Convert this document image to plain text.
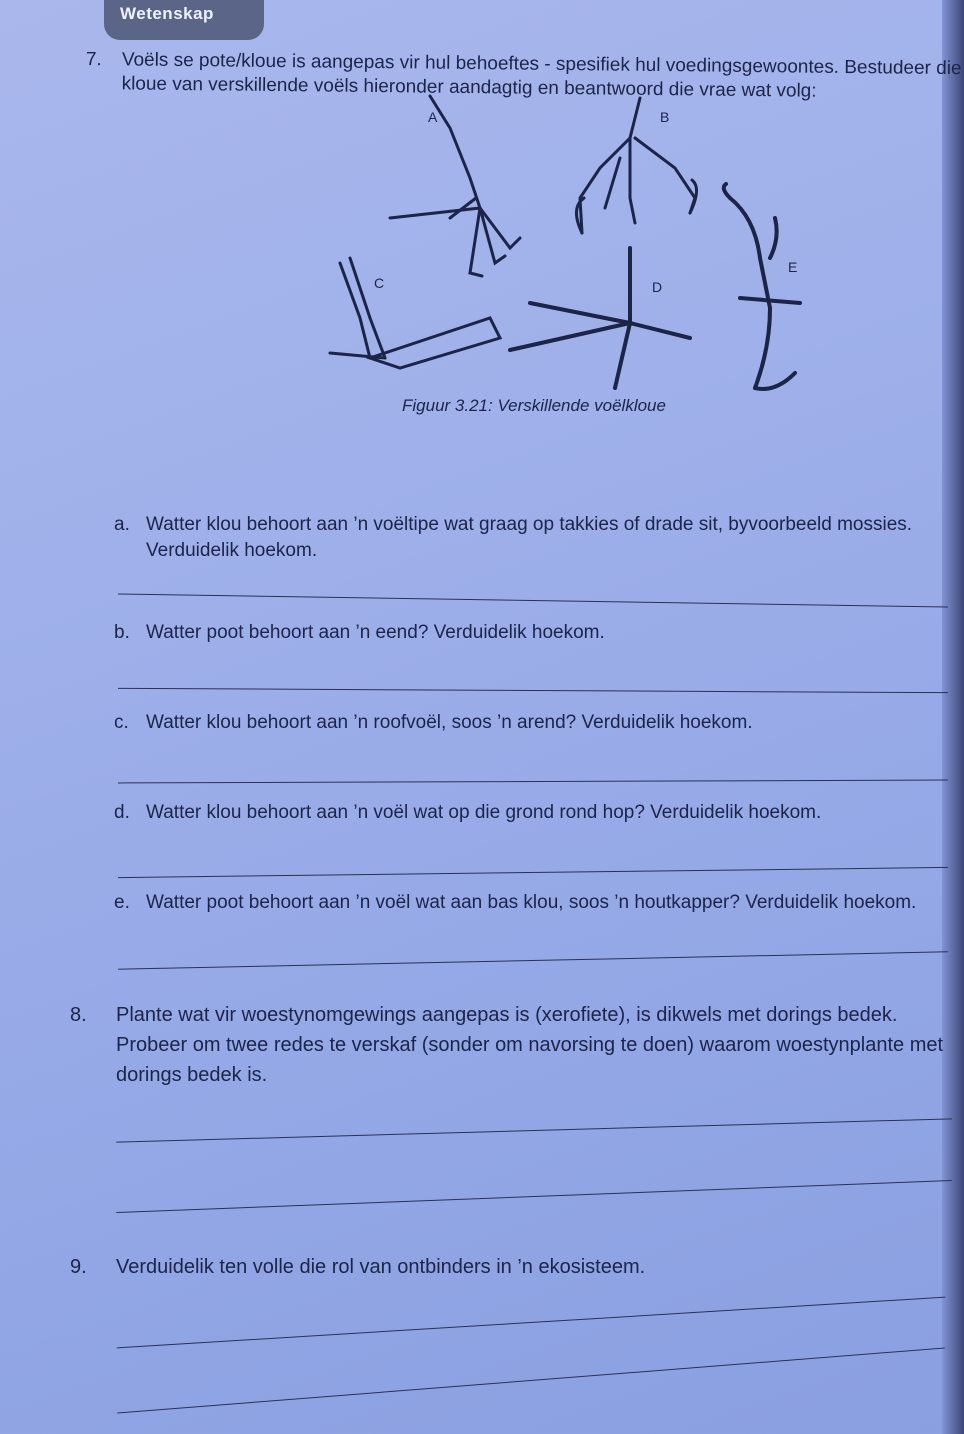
Wetenskap
7. Voëls se pote/kloue is aangepas vir hul behoeftes - spesifiek hul voedingsgewoontes. Bestudeer die kloue van verskillende voëls hieronder aandagtig en beantwoord die vrae wat volg:
A	B
C	D
E
Figuur 3.21: Verskillende voëlkloue
a. Watter klou behoort aan ’n voëltipe wat graag op takkies of drade sit, byvoorbeeld mossies. Verduidelik hoekom.
b. Watter poot behoort aan ’n eend? Verduidelik hoekom.
c. Watter klou behoort aan ’n roofvoël, soos ’n arend? Verduidelik hoekom.
d. Watter klou behoort aan ’n voël wat op die grond rond hop? Verduidelik hoekom.
e. Watter poot behoort aan ’n voël wat aan bas klou, soos ’n houtkapper? Verduidelik hoekom.
8. Plante wat vir woestynomgewings aangepas is (xerofiete), is dikwels met dorings bedek. Probeer om twee redes te verskaf (sonder om navorsing te doen) waarom woestynplante met dorings bedek is.
9. Verduidelik ten volle die rol van ontbinders in ’n ekosisteem.
